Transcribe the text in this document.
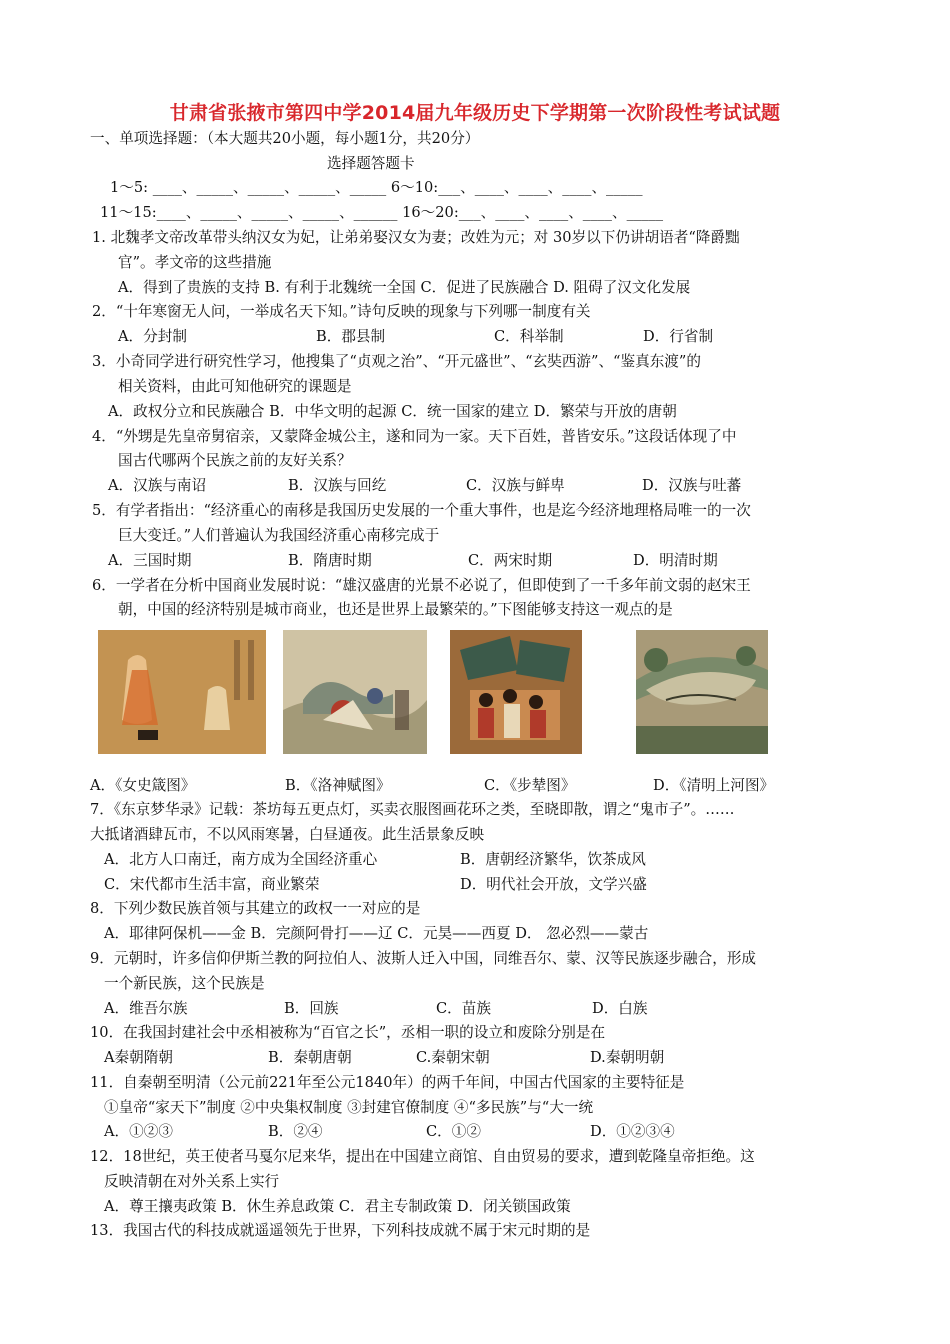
甘肃省张掖市第四中学2014届九年级历史下学期第一次阶段性考试试题
一、单项选择题：（本大题共20小题，每小题1分，共20分）
选择题答题卡
1～5: ____、_____、_____、_____、_____ 6～10:___、____、____、____、_____
11～15:____、_____、_____、_____、______ 16～20:___、____、____、____、_____
1. 北魏孝文帝改革带头纳汉女为妃，让弟弟娶汉女为妻；改姓为元；对 30岁以下仍讲胡语者“降爵黜
官”。孝文帝的这些措施
A．得到了贵族的支持 B. 有利于北魏统一全国 C．促进了民族融合 D. 阻碍了汉文化发展
2．“十年寒窗无人问，一举成名天下知。”诗句反映的现象与下列哪一制度有关
A．分封制	B．郡县制	C．科举制	D．行省制
3．小奇同学进行研究性学习，他搜集了“贞观之治”、“开元盛世”、“玄奘西游”、“鉴真东渡”的
相关资料，由此可知他研究的课题是
A．政权分立和民族融合 B．中华文明的起源 C．统一国家的建立 D．繁荣与开放的唐朝
4．“外甥是先皇帝舅宿亲，又蒙降金城公主，遂和同为一家。天下百姓，普皆安乐。”这段话体现了中
国古代哪两个民族之前的友好关系？
A．汉族与南诏	B．汉族与回纥	C．汉族与鲜卑	D．汉族与吐蕃
5．有学者指出：“经济重心的南移是我国历史发展的一个重大事件，也是迄今经济地理格局唯一的一次
巨大变迁。”人们普遍认为我国经济重心南移完成于
A．三国时期	B．隋唐时期	C．两宋时期	D．明清时期
6．一学者在分析中国商业发展时说：“雄汉盛唐的光景不必说了，但即使到了一千多年前文弱的赵宋王
朝，中国的经济特别是城市商业，也还是世界上最繁荣的。”下图能够支持这一观点的是
A．《女史箴图》	B．《洛神赋图》	C．《步辇图》	D．《清明上河图》
7．《东京梦华录》记载：茶坊每五更点灯，买卖衣服图画花环之类，至晓即散，谓之“鬼市子”。……
大抵诸酒肆瓦市，不以风雨寒暑，白昼通夜。此生活景象反映
A．北方人口南迁，南方成为全国经济重心	B．唐朝经济繁华，饮茶成风
C．宋代都市生活丰富，商业繁荣	D．明代社会开放，文学兴盛
8．下列少数民族首领与其建立的政权一一对应的是
A．耶律阿保机——金 B．完颜阿骨打——辽 C．元昊——西夏 D． 忽必烈——蒙古
9．元朝时，许多信仰伊斯兰教的阿拉伯人、波斯人迁入中国，同维吾尔、蒙、汉等民族逐步融合，形成
一个新民族，这个民族是
A．维吾尔族	B．回族	C．苗族	D．白族
10．在我国封建社会中丞相被称为“百官之长”，丞相一职的设立和废除分别是在
A秦朝隋朝	B．秦朝唐朝	C.秦朝宋朝	D.秦朝明朝
11．自秦朝至明清（公元前221年至公元1840年）的两千年间，中国古代国家的主要特征是
①皇帝“家天下”制度 ②中央集权制度 ③封建官僚制度 ④“多民族”与“大一统
A．①②③	B．②④	C．①②	D．①②③④
12．18世纪，英王使者马戛尔尼来华，提出在中国建立商馆、自由贸易的要求，遭到乾隆皇帝拒绝。这
反映清朝在对外关系上实行
A．尊王攘夷政策 B．休生养息政策 C．君主专制政策 D．闭关锁国政策
13．我国古代的科技成就遥遥领先于世界，下列科技成就不属于宋元时期的是
